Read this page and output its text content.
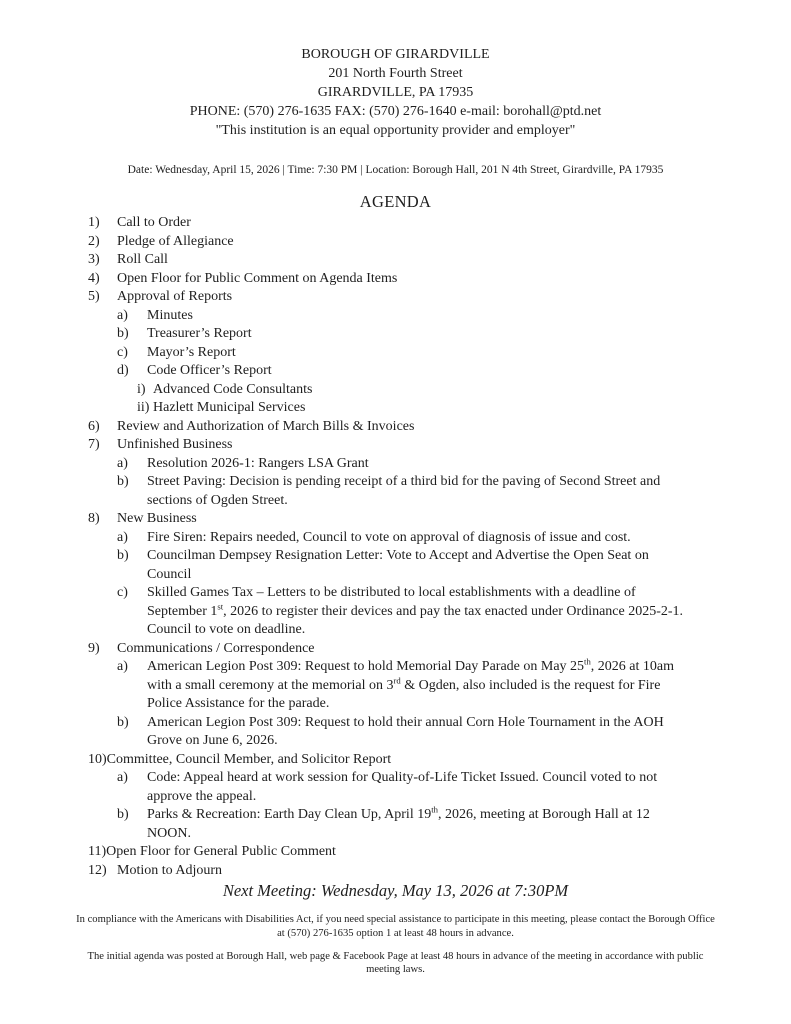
BOROUGH OF GIRARDVILLE
201 North Fourth Street
GIRARDVILLE, PA 17935
PHONE: (570) 276-1635 FAX: (570) 276-1640 e-mail: borohall@ptd.net
"This institution is an equal opportunity provider and employer"
Date: Wednesday, April 15, 2026 | Time: 7:30 PM | Location: Borough Hall, 201 N 4th Street, Girardville, PA 17935
AGENDA
1)	Call to Order
2)	Pledge of Allegiance
3)	Roll Call
4)	Open Floor for Public Comment on Agenda Items
5)	Approval of Reports
a)	Minutes
b)	Treasurer’s Report
c)	Mayor’s Report
d)	Code Officer’s Report
i) Advanced Code Consultants
ii) Hazlett Municipal Services
6)	Review and Authorization of March Bills & Invoices
7)	Unfinished Business
a)	Resolution 2026-1: Rangers LSA Grant
b)	Street Paving: Decision is pending receipt of a third bid for the paving of Second Street and sections of Ogden Street.
8)	New Business
a)	Fire Siren: Repairs needed, Council to vote on approval of diagnosis of issue and cost.
b)	Councilman Dempsey Resignation Letter: Vote to Accept and Advertise the Open Seat on Council
c)	Skilled Games Tax – Letters to be distributed to local establishments with a deadline of September 1st, 2026 to register their devices and pay the tax enacted under Ordinance 2025-2-1. Council to vote on deadline.
9)	Communications / Correspondence
a)	American Legion Post 309: Request to hold Memorial Day Parade on May 25th, 2026 at 10am with a small ceremony at the memorial on 3rd & Ogden, also included is the request for Fire Police Assistance for the parade.
b)	American Legion Post 309: Request to hold their annual Corn Hole Tournament in the AOH Grove on June 6, 2026.
10) Committee, Council Member, and Solicitor Report
a)	Code: Appeal heard at work session for Quality-of-Life Ticket Issued. Council voted to not approve the appeal.
b)	Parks & Recreation: Earth Day Clean Up, April 19th, 2026, meeting at Borough Hall at 12 NOON.
11) Open Floor for General Public Comment
12) Motion to Adjourn
Next Meeting: Wednesday, May 13, 2026 at 7:30PM

In compliance with the Americans with Disabilities Act, if you need special assistance to participate in this meeting, please contact the Borough Office at (570) 276-1635 option 1 at least 48 hours in advance.

The initial agenda was posted at Borough Hall, web page & Facebook Page at least 48 hours in advance of the meeting in accordance with public meeting laws.
